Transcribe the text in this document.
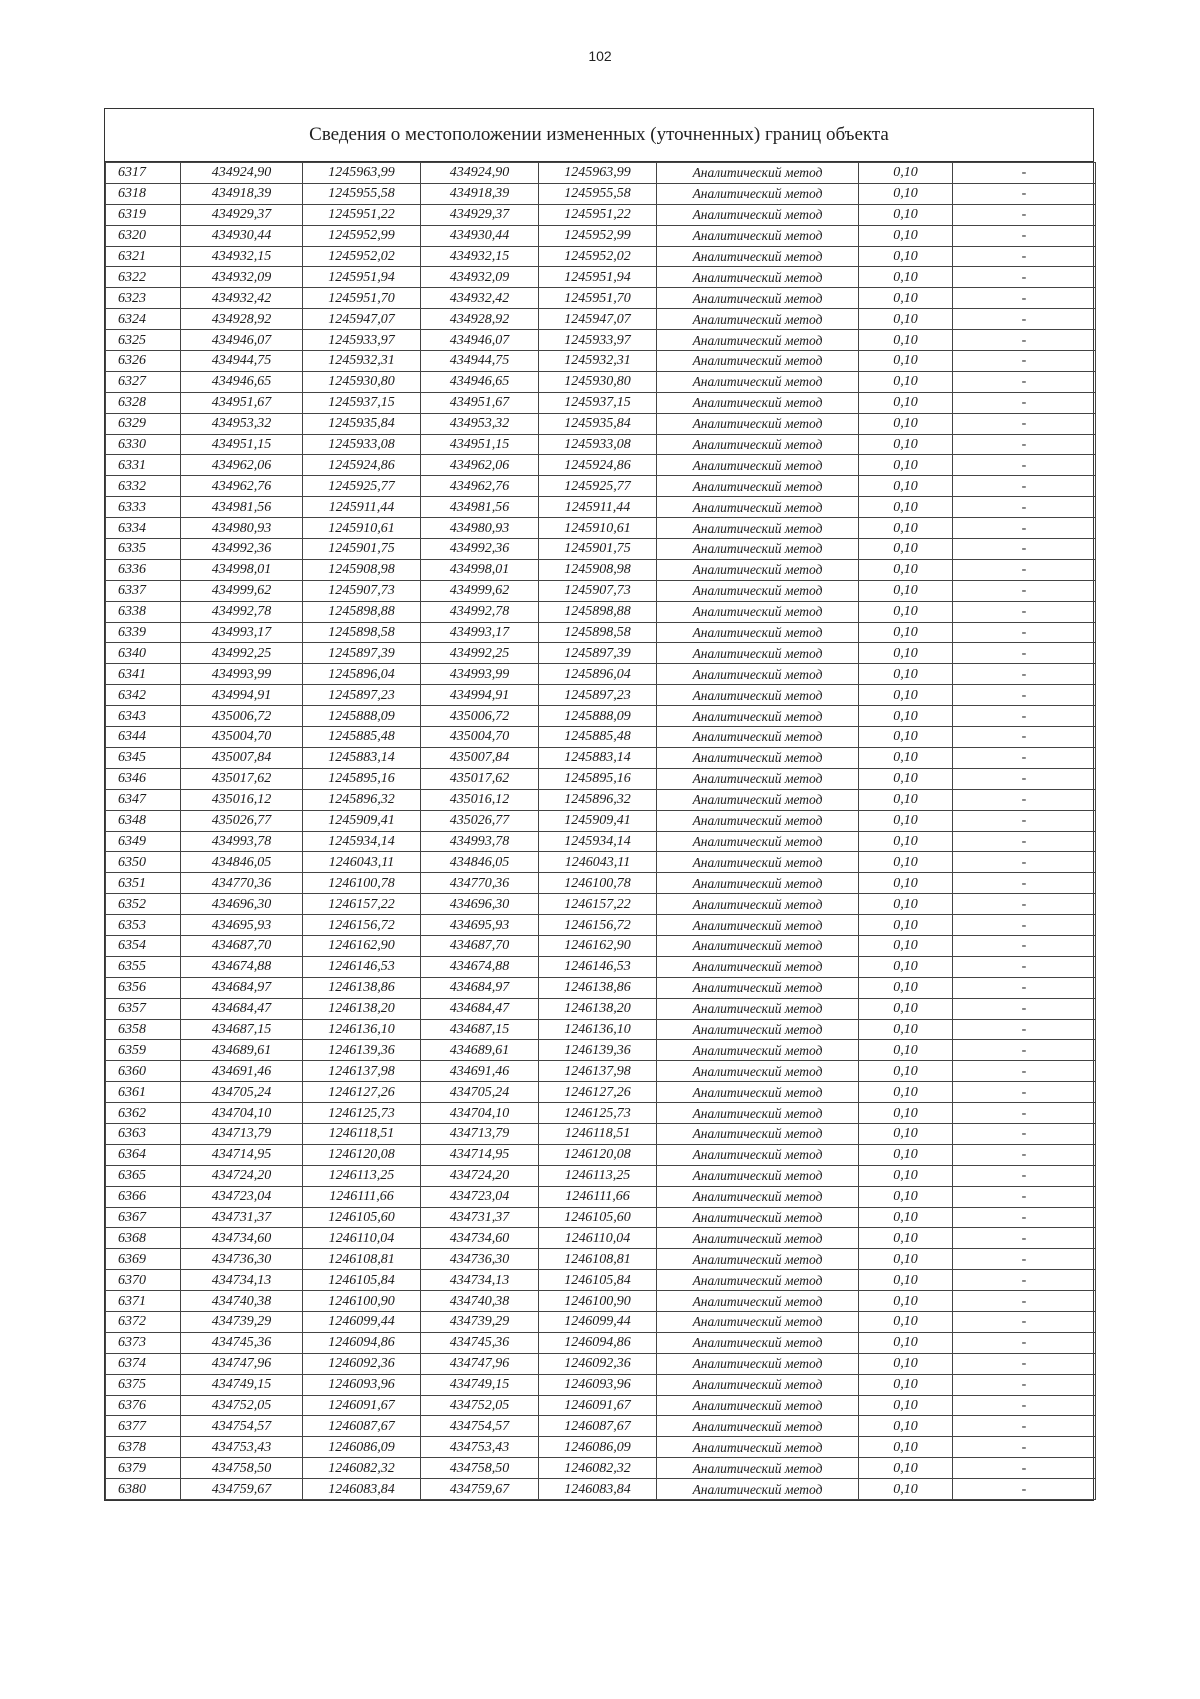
102
Сведения о местоположении измененных (уточненных) границ объекта
6317	434924,90	1245963,99	434924,90	1245963,99	Аналитический метод	0,10	-
6318	434918,39	1245955,58	434918,39	1245955,58	Аналитический метод	0,10	-
6319	434929,37	1245951,22	434929,37	1245951,22	Аналитический метод	0,10	-
6320	434930,44	1245952,99	434930,44	1245952,99	Аналитический метод	0,10	-
6321	434932,15	1245952,02	434932,15	1245952,02	Аналитический метод	0,10	-
6322	434932,09	1245951,94	434932,09	1245951,94	Аналитический метод	0,10	-
6323	434932,42	1245951,70	434932,42	1245951,70	Аналитический метод	0,10	-
6324	434928,92	1245947,07	434928,92	1245947,07	Аналитический метод	0,10	-
6325	434946,07	1245933,97	434946,07	1245933,97	Аналитический метод	0,10	-
6326	434944,75	1245932,31	434944,75	1245932,31	Аналитический метод	0,10	-
6327	434946,65	1245930,80	434946,65	1245930,80	Аналитический метод	0,10	-
6328	434951,67	1245937,15	434951,67	1245937,15	Аналитический метод	0,10	-
6329	434953,32	1245935,84	434953,32	1245935,84	Аналитический метод	0,10	-
6330	434951,15	1245933,08	434951,15	1245933,08	Аналитический метод	0,10	-
6331	434962,06	1245924,86	434962,06	1245924,86	Аналитический метод	0,10	-
6332	434962,76	1245925,77	434962,76	1245925,77	Аналитический метод	0,10	-
6333	434981,56	1245911,44	434981,56	1245911,44	Аналитический метод	0,10	-
6334	434980,93	1245910,61	434980,93	1245910,61	Аналитический метод	0,10	-
6335	434992,36	1245901,75	434992,36	1245901,75	Аналитический метод	0,10	-
6336	434998,01	1245908,98	434998,01	1245908,98	Аналитический метод	0,10	-
6337	434999,62	1245907,73	434999,62	1245907,73	Аналитический метод	0,10	-
6338	434992,78	1245898,88	434992,78	1245898,88	Аналитический метод	0,10	-
6339	434993,17	1245898,58	434993,17	1245898,58	Аналитический метод	0,10	-
6340	434992,25	1245897,39	434992,25	1245897,39	Аналитический метод	0,10	-
6341	434993,99	1245896,04	434993,99	1245896,04	Аналитический метод	0,10	-
6342	434994,91	1245897,23	434994,91	1245897,23	Аналитический метод	0,10	-
6343	435006,72	1245888,09	435006,72	1245888,09	Аналитический метод	0,10	-
6344	435004,70	1245885,48	435004,70	1245885,48	Аналитический метод	0,10	-
6345	435007,84	1245883,14	435007,84	1245883,14	Аналитический метод	0,10	-
6346	435017,62	1245895,16	435017,62	1245895,16	Аналитический метод	0,10	-
6347	435016,12	1245896,32	435016,12	1245896,32	Аналитический метод	0,10	-
6348	435026,77	1245909,41	435026,77	1245909,41	Аналитический метод	0,10	-
6349	434993,78	1245934,14	434993,78	1245934,14	Аналитический метод	0,10	-
6350	434846,05	1246043,11	434846,05	1246043,11	Аналитический метод	0,10	-
6351	434770,36	1246100,78	434770,36	1246100,78	Аналитический метод	0,10	-
6352	434696,30	1246157,22	434696,30	1246157,22	Аналитический метод	0,10	-
6353	434695,93	1246156,72	434695,93	1246156,72	Аналитический метод	0,10	-
6354	434687,70	1246162,90	434687,70	1246162,90	Аналитический метод	0,10	-
6355	434674,88	1246146,53	434674,88	1246146,53	Аналитический метод	0,10	-
6356	434684,97	1246138,86	434684,97	1246138,86	Аналитический метод	0,10	-
6357	434684,47	1246138,20	434684,47	1246138,20	Аналитический метод	0,10	-
6358	434687,15	1246136,10	434687,15	1246136,10	Аналитический метод	0,10	-
6359	434689,61	1246139,36	434689,61	1246139,36	Аналитический метод	0,10	-
6360	434691,46	1246137,98	434691,46	1246137,98	Аналитический метод	0,10	-
6361	434705,24	1246127,26	434705,24	1246127,26	Аналитический метод	0,10	-
6362	434704,10	1246125,73	434704,10	1246125,73	Аналитический метод	0,10	-
6363	434713,79	1246118,51	434713,79	1246118,51	Аналитический метод	0,10	-
6364	434714,95	1246120,08	434714,95	1246120,08	Аналитический метод	0,10	-
6365	434724,20	1246113,25	434724,20	1246113,25	Аналитический метод	0,10	-
6366	434723,04	1246111,66	434723,04	1246111,66	Аналитический метод	0,10	-
6367	434731,37	1246105,60	434731,37	1246105,60	Аналитический метод	0,10	-
6368	434734,60	1246110,04	434734,60	1246110,04	Аналитический метод	0,10	-
6369	434736,30	1246108,81	434736,30	1246108,81	Аналитический метод	0,10	-
6370	434734,13	1246105,84	434734,13	1246105,84	Аналитический метод	0,10	-
6371	434740,38	1246100,90	434740,38	1246100,90	Аналитический метод	0,10	-
6372	434739,29	1246099,44	434739,29	1246099,44	Аналитический метод	0,10	-
6373	434745,36	1246094,86	434745,36	1246094,86	Аналитический метод	0,10	-
6374	434747,96	1246092,36	434747,96	1246092,36	Аналитический метод	0,10	-
6375	434749,15	1246093,96	434749,15	1246093,96	Аналитический метод	0,10	-
6376	434752,05	1246091,67	434752,05	1246091,67	Аналитический метод	0,10	-
6377	434754,57	1246087,67	434754,57	1246087,67	Аналитический метод	0,10	-
6378	434753,43	1246086,09	434753,43	1246086,09	Аналитический метод	0,10	-
6379	434758,50	1246082,32	434758,50	1246082,32	Аналитический метод	0,10	-
6380	434759,67	1246083,84	434759,67	1246083,84	Аналитический метод	0,10	-
